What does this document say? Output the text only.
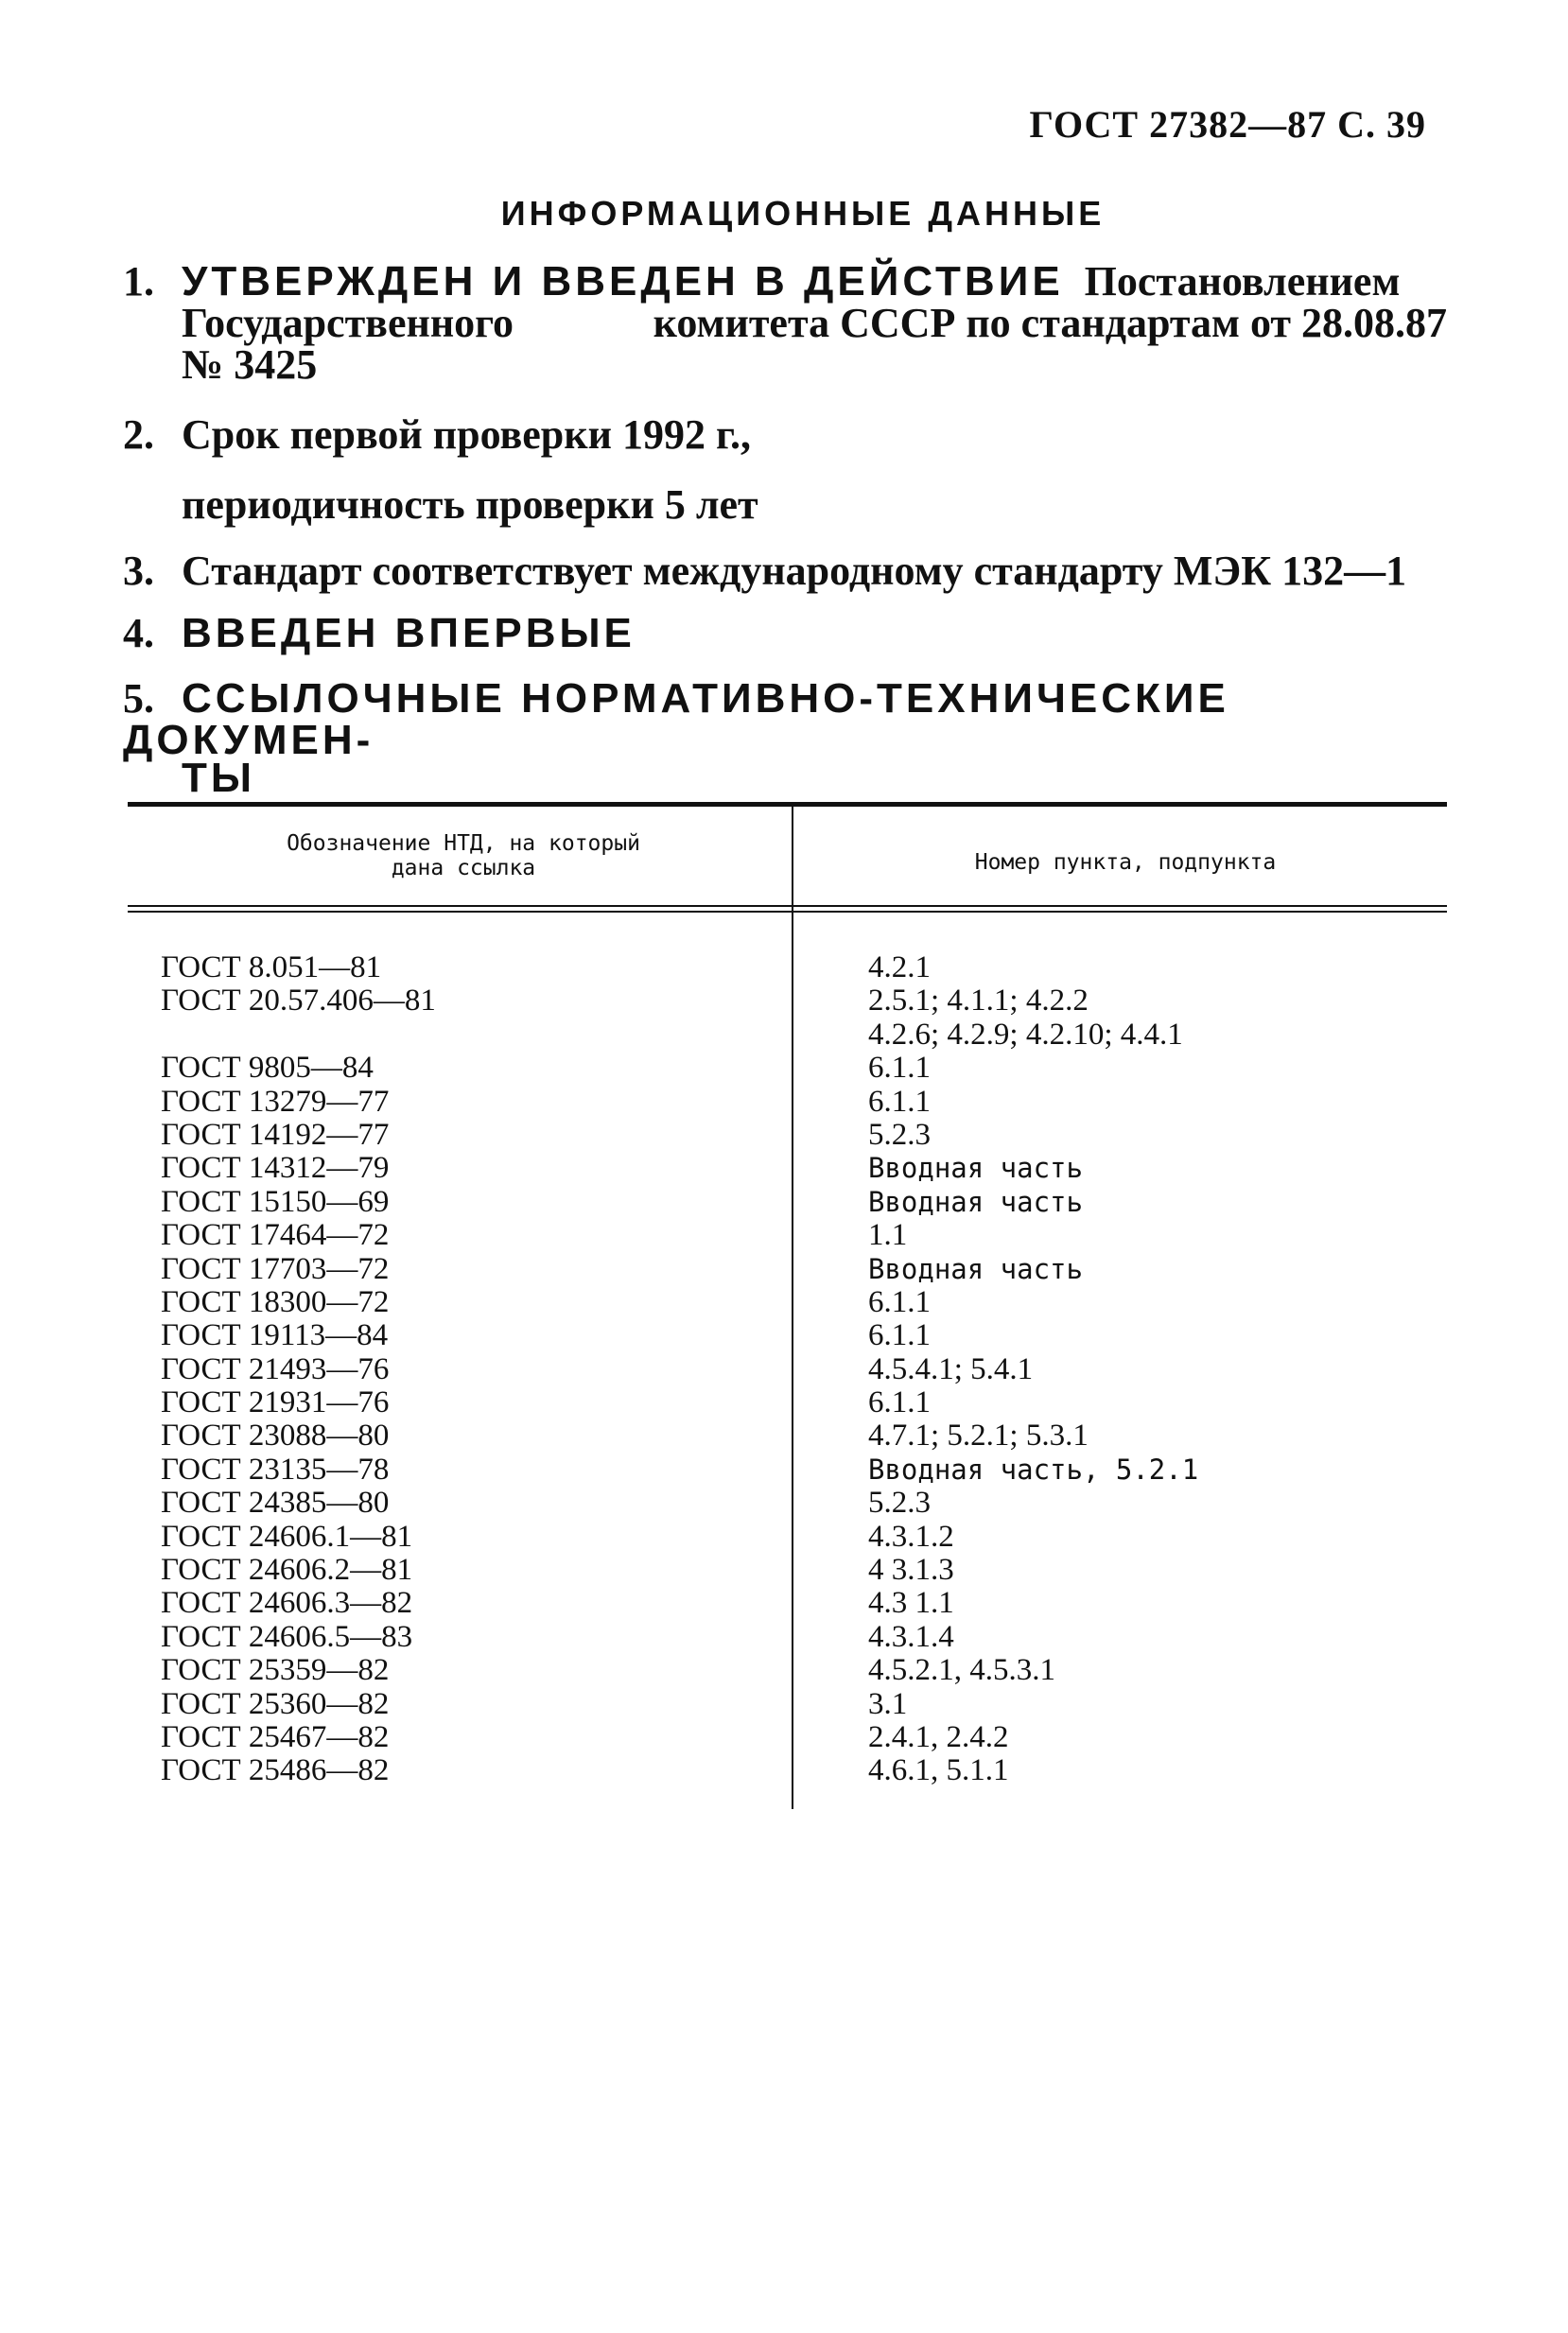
ГОСТ 27382—87 С. 39
ИНФОРМАЦИОННЫЕ ДАННЫЕ
1. УТВЕРЖДЕН И ВВЕДЕН В ДЕЙСТВИЕ Постановлением
Государственного	комитета СССР по стандартам от 28.08.87
№ 3425
2. Срок первой проверки 1992 г.,
периодичность проверки 5 лет
3. Стандарт соответствует международному стандарту МЭК 132—1
4. ВВЕДЕН ВПЕРВЫЕ
5. ССЫЛОЧНЫЕ НОРМАТИВНО-ТЕХНИЧЕСКИЕ ДОКУМЕН-
ТЫ
Обозначение НТД, на который
дана ссылка	Номер пункта, подпункта
ГОСТ 8.051—81
ГОСТ 20.57.406—81
ГОСТ 9805—84
ГОСТ 13279—77
ГОСТ 14192—77
ГОСТ 14312—79
ГОСТ 15150—69
ГОСТ 17464—72
ГОСТ 17703—72
ГОСТ 18300—72
ГОСТ 19113—84
ГОСТ 21493—76
ГОСТ 21931—76
ГОСТ 23088—80
ГОСТ 23135—78
ГОСТ 24385—80
ГОСТ 24606.1—81
ГОСТ 24606.2—81
ГОСТ 24606.3—82
ГОСТ 24606.5—83
ГОСТ 25359—82
ГОСТ 25360—82
ГОСТ 25467—82
ГОСТ 25486—82
4.2.1
2.5.1; 4.1.1; 4.2.2
4.2.6; 4.2.9; 4.2.10; 4.4.1
6.1.1
6.1.1
5.2.3
Вводная часть
Вводная часть
1.1
Вводная часть
6.1.1
6.1.1
4.5.4.1; 5.4.1
6.1.1
4.7.1; 5.2.1; 5.3.1
Вводная часть, 5.2.1
5.2.3
4.3.1.2
4 3.1.3
4.3 1.1
4.3.1.4
4.5.2.1, 4.5.3.1
3.1
2.4.1, 2.4.2
4.6.1, 5.1.1
